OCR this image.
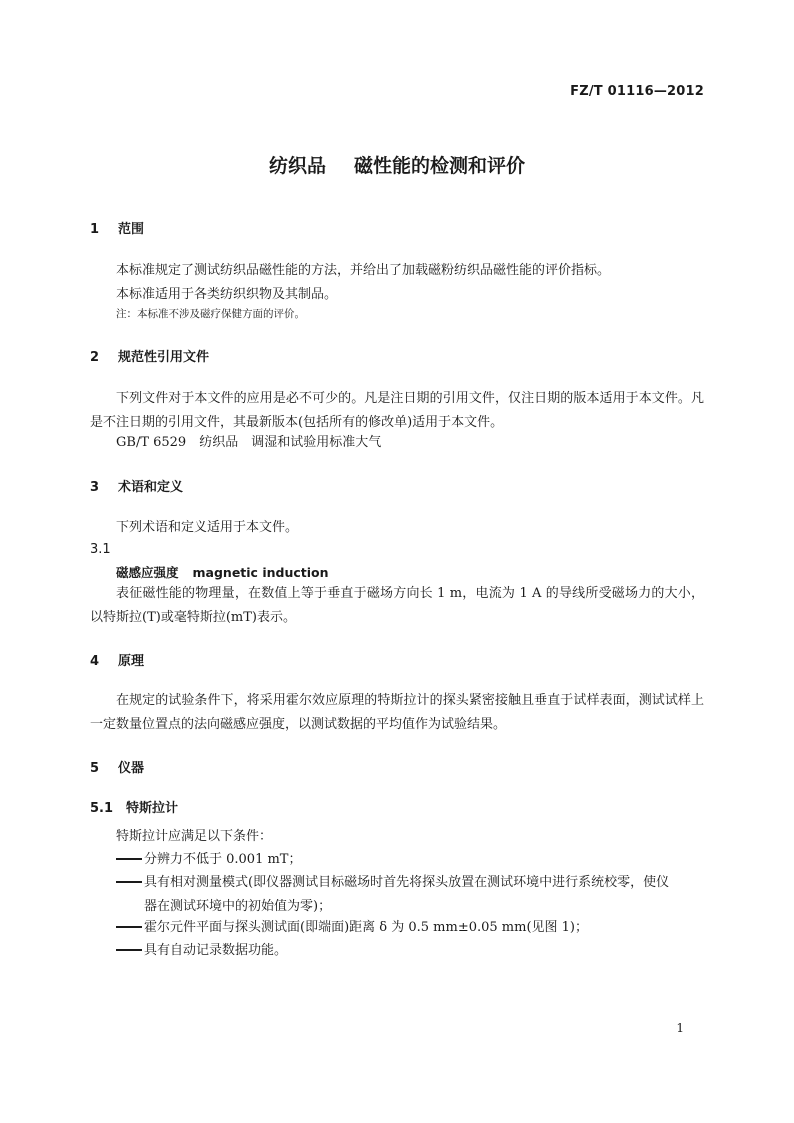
FZ/T 01116—2012
纺织品 磁性能的检测和评价
1 范围
本标准规定了测试纺织品磁性能的方法，并给出了加载磁粉纺织品磁性能的评价指标。
本标准适用于各类纺织织物及其制品。
注：本标准不涉及磁疗保健方面的评价。
2 规范性引用文件
下列文件对于本文件的应用是必不可少的。凡是注日期的引用文件，仅注日期的版本适用于本文件。凡是不注日期的引用文件，其最新版本(包括所有的修改单)适用于本文件。
GB/T 6529　纺织品　调湿和试验用标准大气
3 术语和定义
下列术语和定义适用于本文件。
3.1
磁感应强度 magnetic induction
表征磁性能的物理量，在数值上等于垂直于磁场方向长 1 m，电流为 1 A 的导线所受磁场力的大小，以特斯拉(T)或毫特斯拉(mT)表示。
4 原理
在规定的试验条件下，将采用霍尔效应原理的特斯拉计的探头紧密接触且垂直于试样表面，测试试样上一定数量位置点的法向磁感应强度，以测试数据的平均值作为试验结果。
5 仪器
5.1 特斯拉计
特斯拉计应满足以下条件：
分辨力不低于 0.001 mT；
具有相对测量模式(即仪器测试目标磁场时首先将探头放置在测试环境中进行系统校零，使仪
器在测试环境中的初始值为零)；
霍尔元件平面与探头测试面(即端面)距离 δ 为 0.5 mm±0.05 mm(见图 1)；
具有自动记录数据功能。
1
